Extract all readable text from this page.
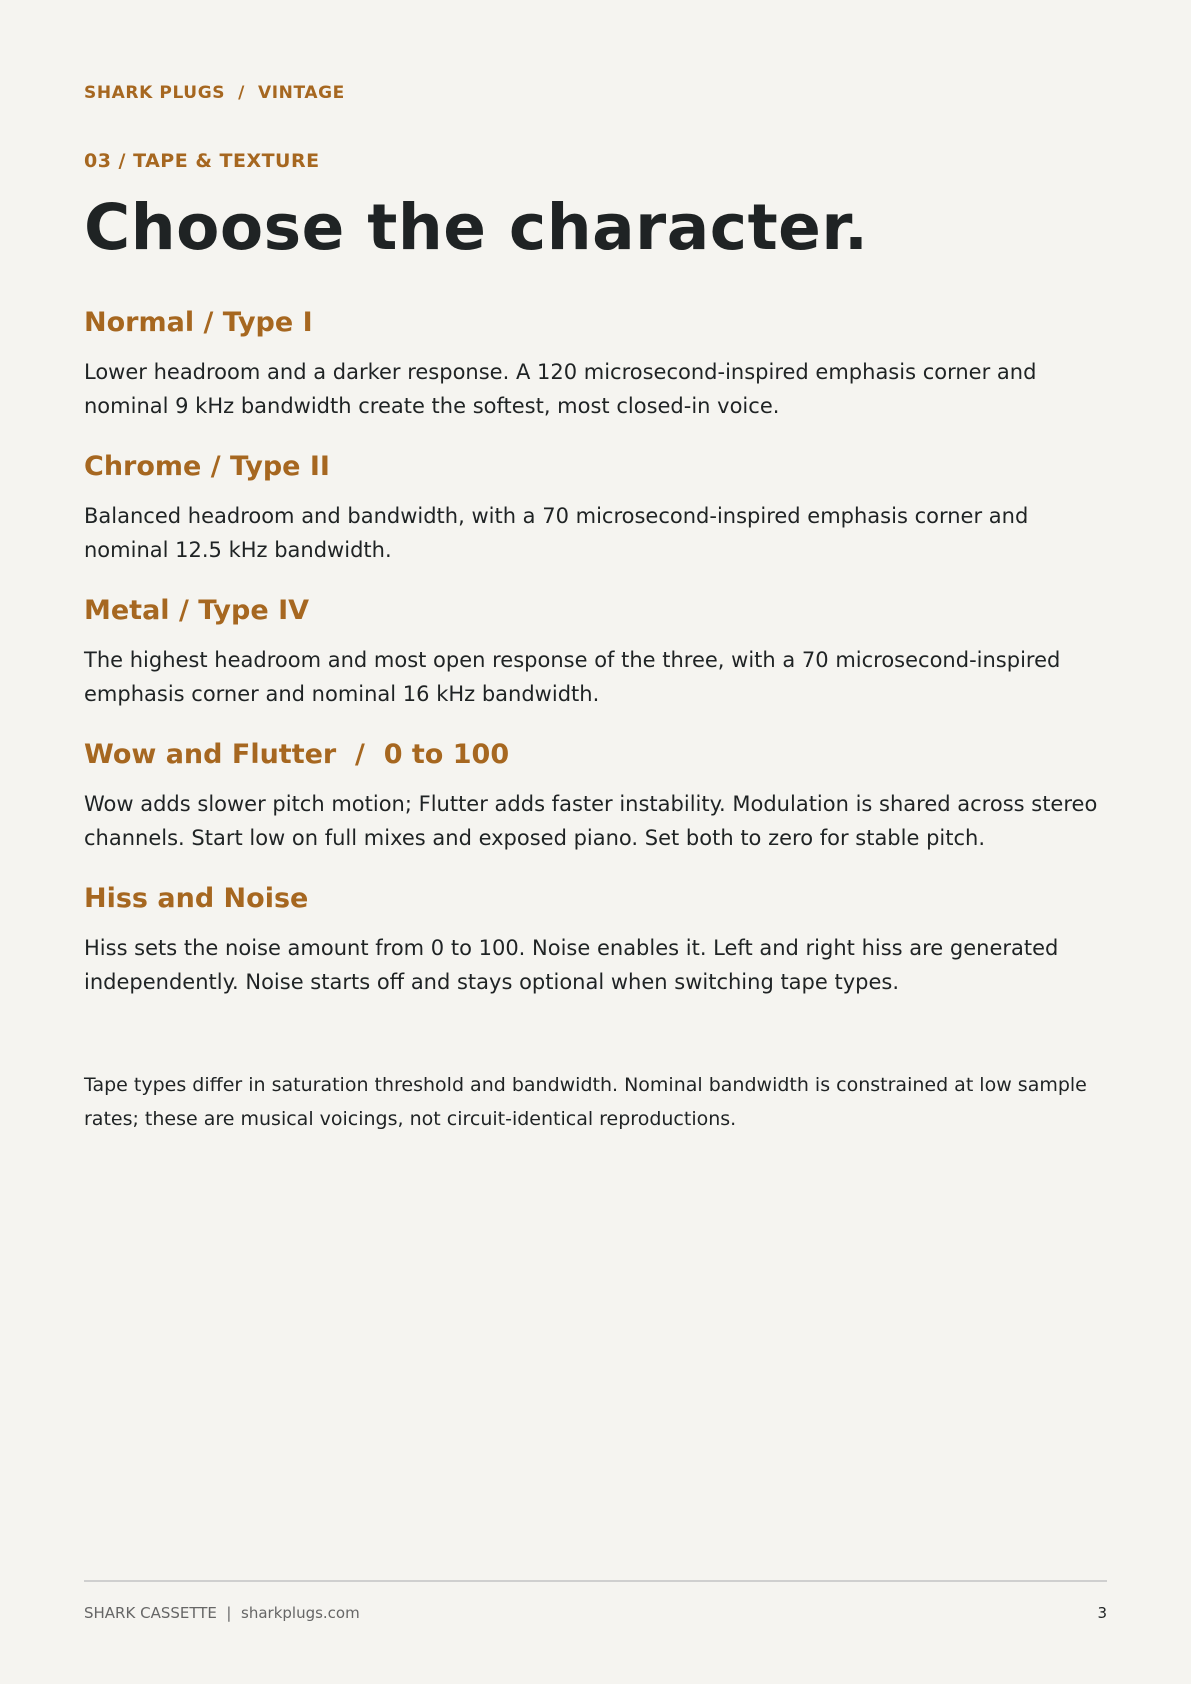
SHARK PLUGS  /  VINTAGE
03 / TAPE & TEXTURE
Choose the character.
Normal / Type I

Lower headroom and a darker response. A 120 microsecond-inspired emphasis corner and nominal 9 kHz bandwidth create the softest, most closed-in voice.

Chrome / Type II

Balanced headroom and bandwidth, with a 70 microsecond-inspired emphasis corner and nominal 12.5 kHz bandwidth.

Metal / Type IV

The highest headroom and most open response of the three, with a 70 microsecond-inspired emphasis corner and nominal 16 kHz bandwidth.

Wow and Flutter  /  0 to 100

Wow adds slower pitch motion; Flutter adds faster instability. Modulation is shared across stereo channels. Start low on full mixes and exposed piano. Set both to zero for stable pitch.

Hiss and Noise

Hiss sets the noise amount from 0 to 100. Noise enables it. Left and right hiss are generated independently. Noise starts off and stays optional when switching tape types.

Tape types differ in saturation threshold and bandwidth. Nominal bandwidth is constrained at low sample rates; these are musical voicings, not circuit-identical reproductions.

SHARK CASSETTE  |  sharkplugs.com	3
